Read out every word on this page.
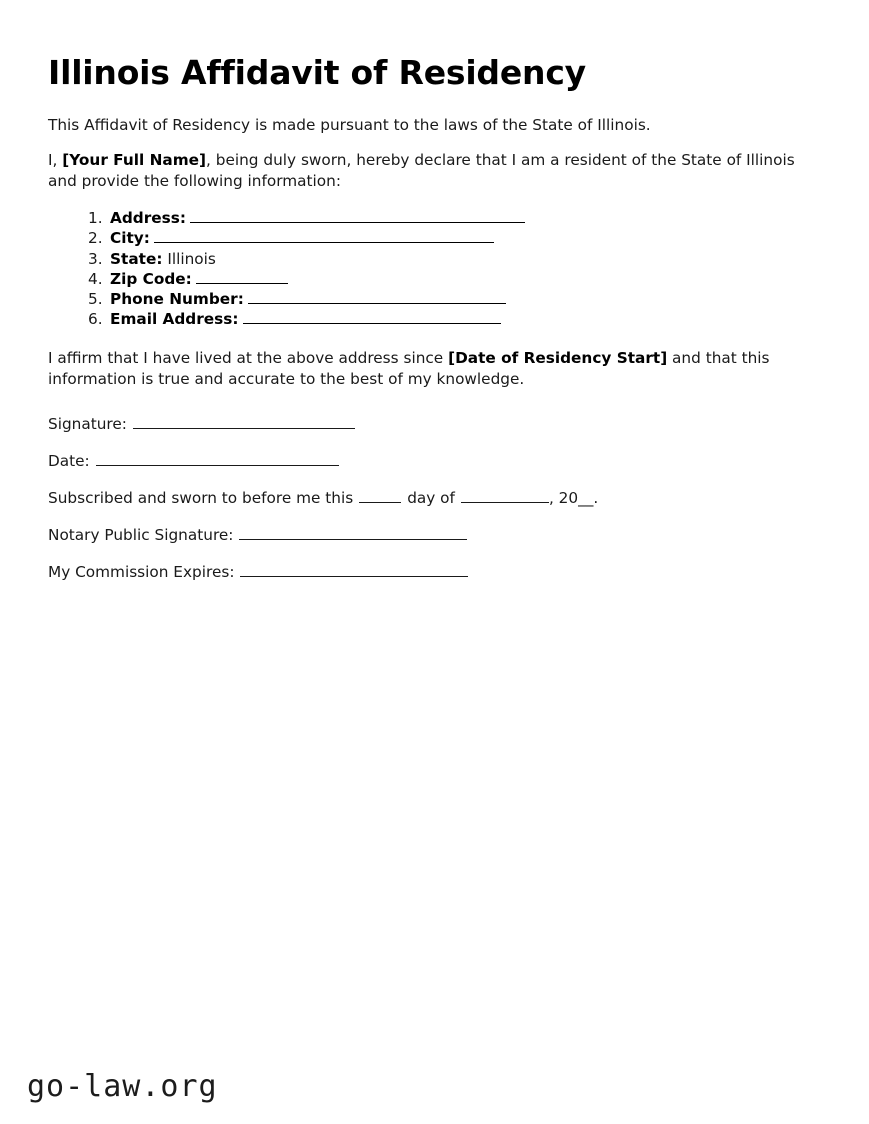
Illinois Affidavit of Residency

This Affidavit of Residency is made pursuant to the laws of the State of Illinois.

I, [Your Full Name], being duly sworn, hereby declare that I am a resident of the State of Illinois and provide the following information:

Address:
City:
State: Illinois
Zip Code:
Phone Number:
Email Address:

I affirm that I have lived at the above address since [Date of Residency Start] and that this information is true and accurate to the best of my knowledge.

Signature:
Date:
Subscribed and sworn to before me this	day of	, 20__.
Notary Public Signature:
My Commission Expires:
go-law.org
